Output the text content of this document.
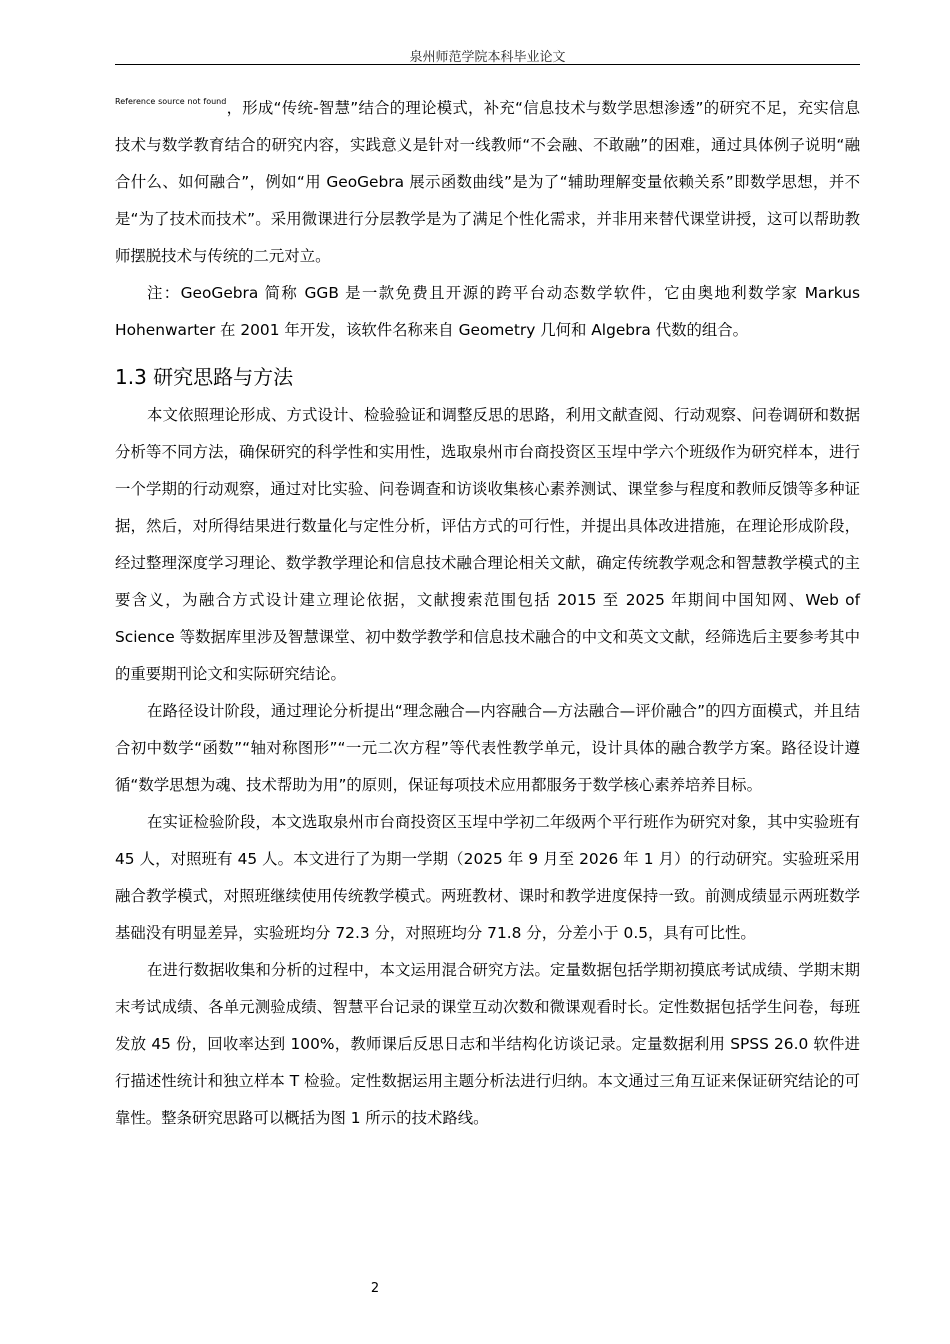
泉州师范学院本科毕业论文

$^{Reference source not found}$，形成“传统-智慧”结合的理论模式，补充“信息技术与数学思想渗透”的研究不足，充实信息技术与数学教育结合的研究内容，实践意义是针对一线教师“不会融、不敢融”的困难，通过具体例子说明“融合什么、如何融合”，例如“用 GeoGebra 展示函数曲线”是为了“辅助理解变量依赖关系”即数学思想，并不是“为了技术而技术”。采用微课进行分层教学是为了满足个性化需求，并非用来替代课堂讲授，这可以帮助教师摆脱技术与传统的二元对立。

注：GeoGebra 简称 GGB 是一款免费且开源的跨平台动态数学软件，它由奥地利数学家 Markus Hohenwarter 在 2001 年开发，该软件名称来自 Geometry 几何和 Algebra 代数的组合。

1.3 研究思路与方法

本文依照理论形成、方式设计、检验验证和调整反思的思路，利用文献查阅、行动观察、问卷调研和数据分析等不同方法，确保研究的科学性和实用性，选取泉州市台商投资区玉埕中学六个班级作为研究样本，进行一个学期的行动观察，通过对比实验、问卷调查和访谈收集核心素养测试、课堂参与程度和教师反馈等多种证据，然后，对所得结果进行数量化与定性分析，评估方式的可行性，并提出具体改进措施，在理论形成阶段，经过整理深度学习理论、数学教学理论和信息技术融合理论相关文献，确定传统教学观念和智慧教学模式的主要含义，为融合方式设计建立理论依据，文献搜索范围包括 2015 至 2025 年期间中国知网、Web of Science 等数据库里涉及智慧课堂、初中数学教学和信息技术融合的中文和英文文献，经筛选后主要参考其中的重要期刊论文和实际研究结论。

在路径设计阶段，通过理论分析提出“理念融合—内容融合—方法融合—评价融合”的四方面模式，并且结合初中数学“函数”“轴对称图形”“一元二次方程”等代表性教学单元，设计具体的融合教学方案。路径设计遵循“数学思想为魂、技术帮助为用”的原则，保证每项技术应用都服务于数学核心素养培养目标。

在实证检验阶段，本文选取泉州市台商投资区玉埕中学初二年级两个平行班作为研究对象，其中实验班有 45 人，对照班有 45 人。本文进行了为期一学期（2025 年 9 月至 2026 年 1 月）的行动研究。实验班采用融合教学模式，对照班继续使用传统教学模式。两班教材、课时和教学进度保持一致。前测成绩显示两班数学基础没有明显差异，实验班均分 72.3 分，对照班均分 71.8 分，分差小于 0.5，具有可比性。

在进行数据收集和分析的过程中，本文运用混合研究方法。定量数据包括学期初摸底考试成绩、学期末期末考试成绩、各单元测验成绩、智慧平台记录的课堂互动次数和微课观看时长。定性数据包括学生问卷，每班发放 45 份，回收率达到 100%，教师课后反思日志和半结构化访谈记录。定量数据利用 SPSS 26.0 软件进行描述性统计和独立样本 T 检验。定性数据运用主题分析法进行归纳。本文通过三角互证来保证研究结论的可靠性。整条研究思路可以概括为图 1 所示的技术路线。

2
